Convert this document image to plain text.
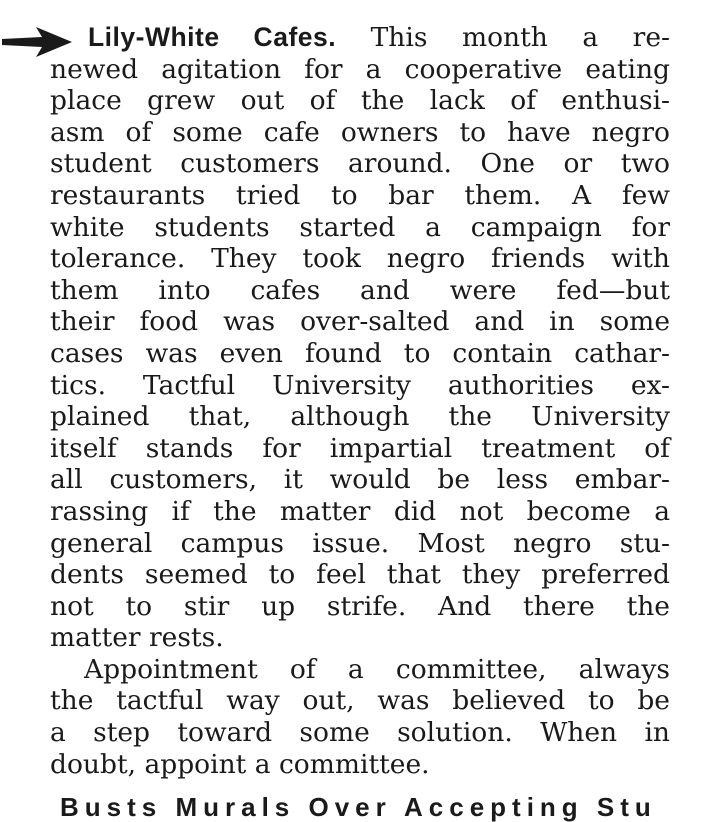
Lily-White Cafes. This month a re-
newed agitation for a cooperative eating
place grew out of the lack of enthusi-
asm of some cafe owners to have negro
student customers around. One or two
restaurants tried to bar them. A few
white students started a campaign for
tolerance. They took negro friends with
them into cafes and were fed—but
their food was over-salted and in some
cases was even found to contain cathar-
tics. Tactful University authorities ex-
plained that, although the University
itself stands for impartial treatment of
all customers, it would be less embar-
rassing if the matter did not become a
general campus issue. Most negro stu-
dents seemed to feel that they preferred
not to stir up strife. And there the
matter rests.
Appointment of a committee, always
the tactful way out, was believed to be
a step toward some solution. When in
doubt, appoint a committee.
Busts Murals Over Accepting Stu
